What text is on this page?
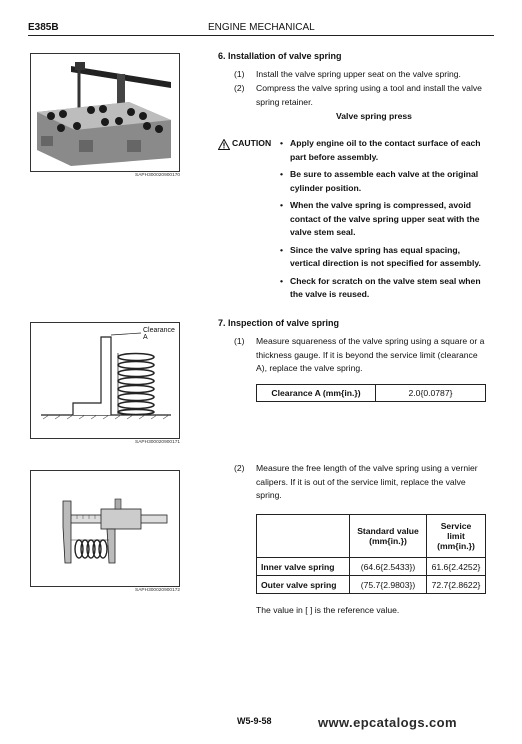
E385B	ENGINE MECHANICAL
SAPH300020900170
6. Installation of valve spring
(1) Install the valve spring upper seat on the valve spring.
(2) Compress the valve spring using a tool and install the valve spring retainer.
Valve spring press
CAUTION • Apply engine oil to the contact surface of each part before assembly.
• Be sure to assemble each valve at the original cylinder position.
• When the valve spring is compressed, avoid contact of the valve spring upper seat with the valve stem seal.
• Since the valve spring has equal spacing, vertical direction is not specified for assembly.
• Check for scratch on the valve stem seal when the valve is reused.
Clearance A
SAPH300020900171
7. Inspection of valve spring
(1) Measure squareness of the valve spring using a square or a thickness gauge. If it is beyond the service limit (clearance A), replace the valve spring.
Clearance A (mm{in.})	2.0{0.0787}
SAPH300020900172
(2) Measure the free length of the valve spring using a vernier calipers. If it is out of the service limit, replace the valve spring.
	Standard value (mm{in.})	Service limit (mm{in.})
Inner valve spring	(64.6{2.5433})	61.6{2.4252}
Outer valve spring	(75.7{2.9803})	72.7{2.8622}
The value in [ ] is the reference value.
W5-9-58	www.epcatalogs.com
